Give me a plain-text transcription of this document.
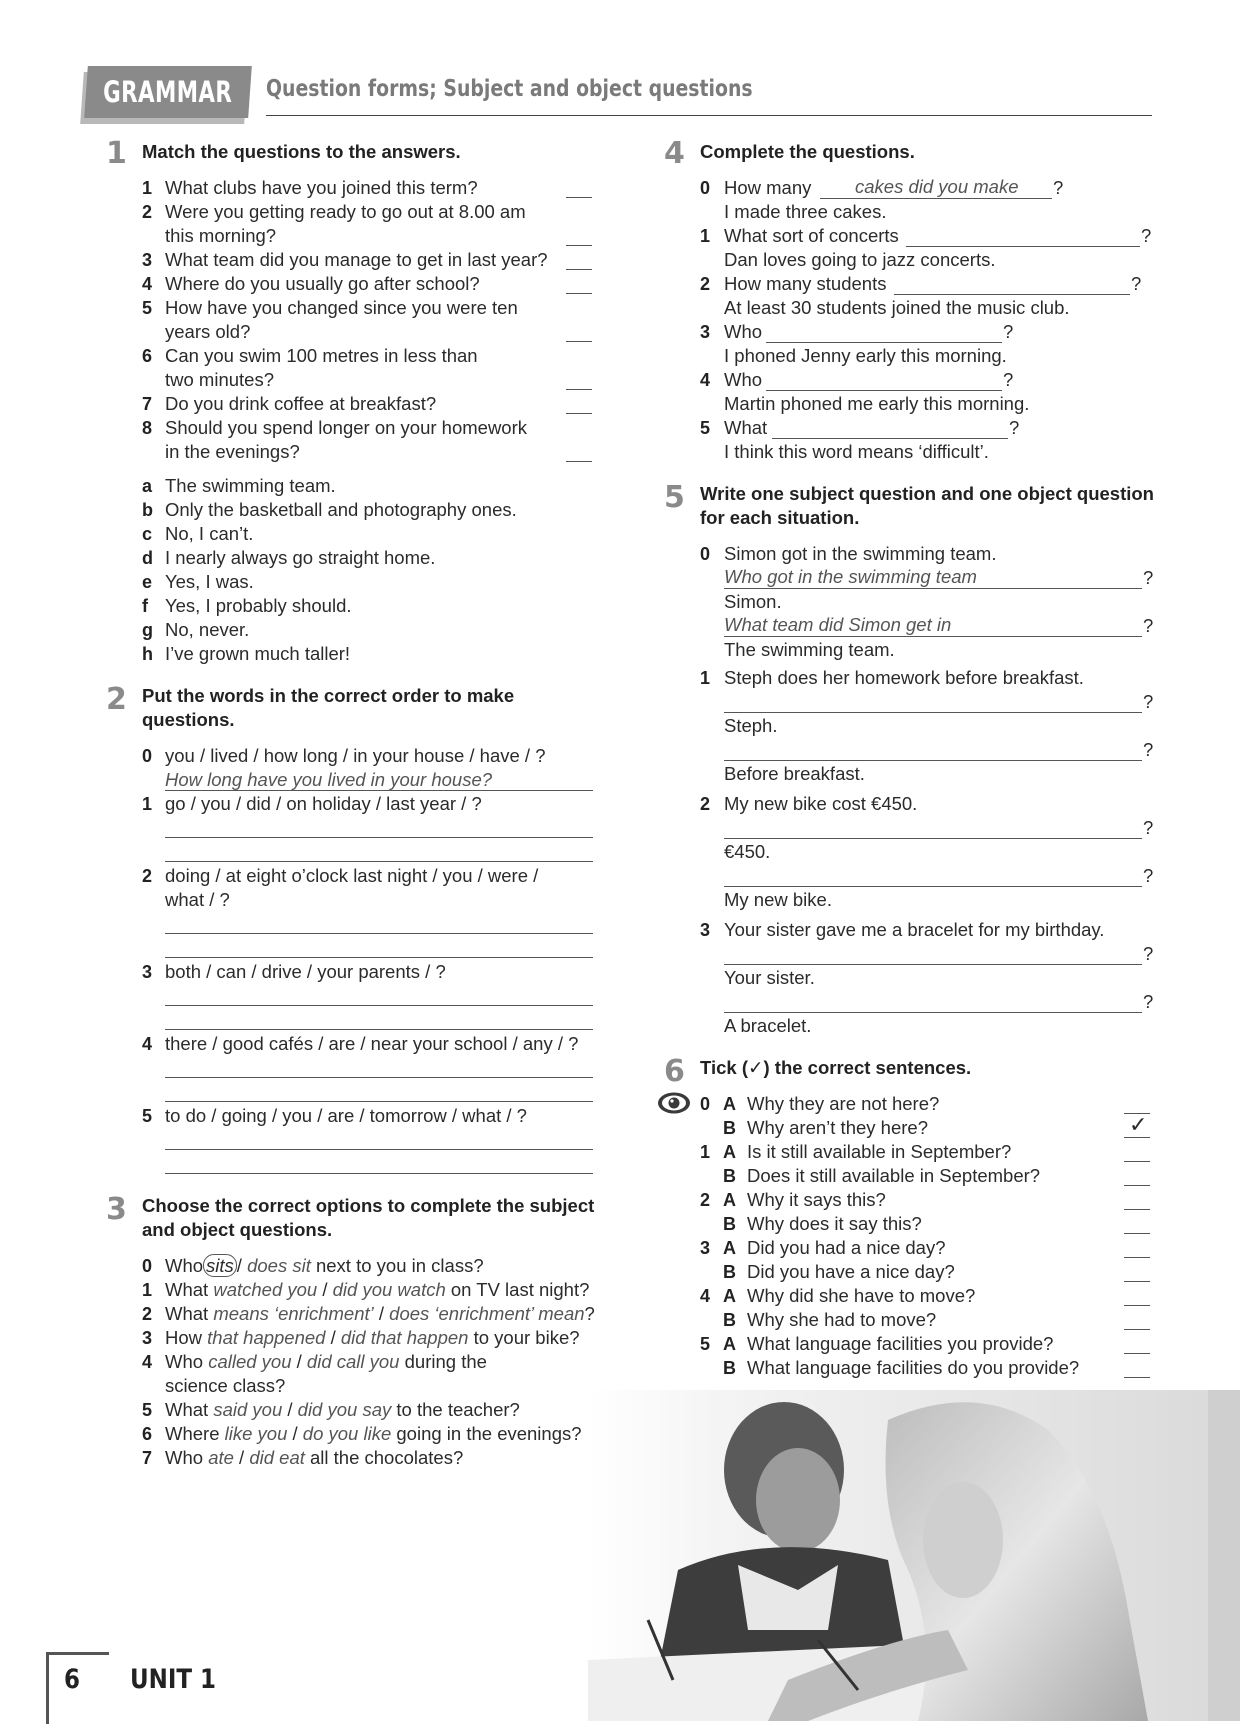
GRAMMAR Question forms; Subject and object questions
1 Match the questions to the answers.
1 What clubs have you joined this term?
2 Were you getting ready to go out at 8.00 am
this morning?
3 What team did you manage to get in last year?
4 Where do you usually go after school?
5 How have you changed since you were ten
years old?
6 Can you swim 100 metres in less than
two minutes?
7 Do you drink coffee at breakfast?
8 Should you spend longer on your homework
in the evenings?
a The swimming team.
b Only the basketball and photography ones.
c No, I can’t.
d I nearly always go straight home.
e Yes, I was.
f Yes, I probably should.
g No, never.
h I’ve grown much taller!
2 Put the words in the correct order to make
questions.
0 you / lived / how long / in your house / have / ?
How long have you lived in your house?
1 go / you / did / on holiday / last year / ?
2 doing / at eight o’clock last night / you / were /
what / ?
3 both / can / drive / your parents / ?
4 there / good cafés / are / near your school / any / ?
5 to do / going / you / are / tomorrow / what / ?
3 Choose the correct options to complete the subject
and object questions.
0 Who sits / does sit next to you in class?
1 What watched you / did you watch on TV last night?
2 What means ‘enrichment’ / does ‘enrichment’ mean?
3 How that happened / did that happen to your bike?
4 Who called you / did call you during the
science class?
5 What said you / did you say to the teacher?
6 Where like you / do you like going in the evenings?
7 Who ate / did eat all the chocolates?
4 Complete the questions.
0 How many cakes did you make ?
I made three cakes.
1 What sort of concerts	?
Dan loves going to jazz concerts.
2 How many students	?
At least 30 students joined the music club.
3 Who	?
I phoned Jenny early this morning.
4 Who	?
Martin phoned me early this morning.
5 What	?
I think this word means ‘difficult’.
5 Write one subject question and one object question
for each situation.
0 Simon got in the swimming team.
Who got in the swimming team	?
Simon.
What team did Simon get in	?
The swimming team.
1 Steph does her homework before breakfast.
?
Steph.
?
Before breakfast.
2 My new bike cost €450.
?
€450.
?
My new bike.
3 Your sister gave me a bracelet for my birthday.
?
Your sister.
?
A bracelet.
6 Tick (✓) the correct sentences.
0 A Why they are not here?
B Why aren’t they here?	✓
1 A Is it still available in September?
B Does it still available in September?
2 A Why it says this?
B Why does it say this?
3 A Did you had a nice day?
B Did you have a nice day?
4 A Why did she have to move?
B Why she had to move?
5 A What language facilities you provide?
B What language facilities do you provide?
6 UNIT 1
